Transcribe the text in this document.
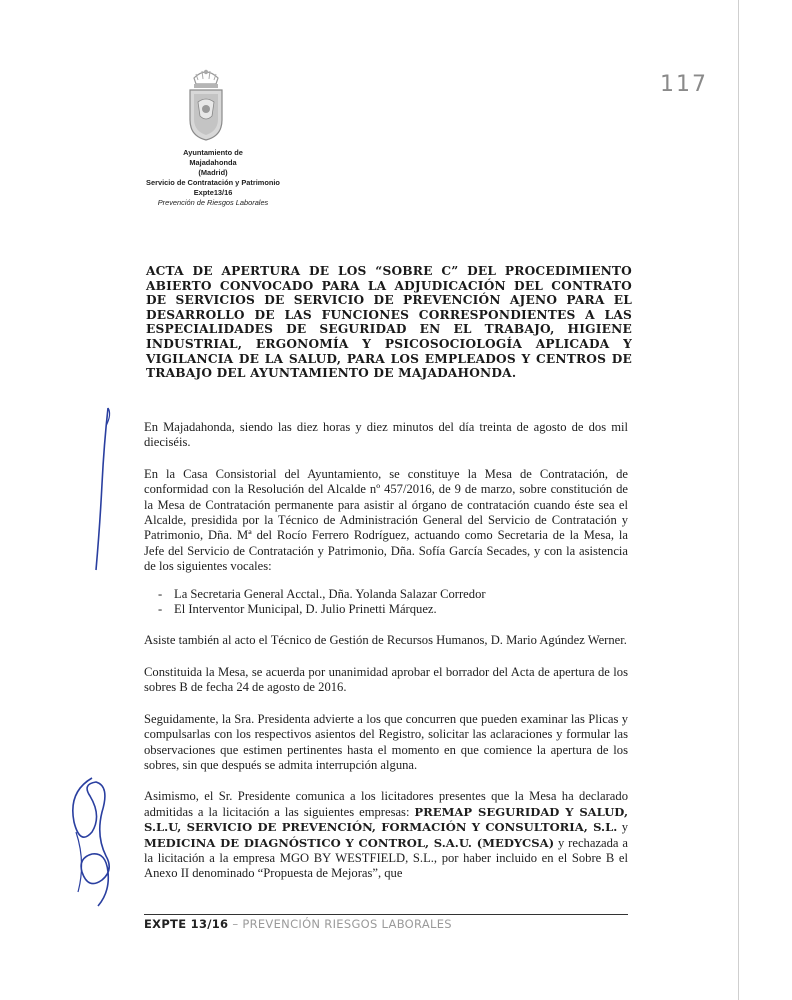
117
Ayuntamiento de
Majadahonda
(Madrid)
Servicio de Contratación y Patrimonio
Expte13/16
Prevención de Riesgos Laborales

ACTA DE APERTURA DE LOS “SOBRE C” DEL PROCEDIMIENTO ABIERTO CONVOCADO PARA LA ADJUDICACIÓN DEL CONTRATO DE SERVICIOS DE SERVICIO DE PREVENCIÓN AJENO PARA EL DESARROLLO DE LAS FUNCIONES CORRESPONDIENTES A LAS ESPECIALIDADES DE SEGURIDAD EN EL TRABAJO, HIGIENE INDUSTRIAL, ERGONOMÍA Y PSICOSOCIOLOGÍA APLICADA Y VIGILANCIA DE LA SALUD, PARA LOS EMPLEADOS Y CENTROS DE TRABAJO DEL AYUNTAMIENTO DE MAJADAHONDA.

En Majadahonda, siendo las diez horas y diez minutos del día treinta de agosto de dos mil dieciséis.

En la Casa Consistorial del Ayuntamiento, se constituye la Mesa de Contratación, de conformidad con la Resolución del Alcalde nº 457/2016, de 9 de marzo, sobre constitución de la Mesa de Contratación permanente para asistir al órgano de contratación cuando éste sea el Alcalde, presidida por la Técnico de Administración General del Servicio de Contratación y Patrimonio, Dña. Mª del Rocío Ferrero Rodríguez, actuando como Secretaria de la Mesa, la Jefe del Servicio de Contratación y Patrimonio, Dña. Sofía García Secades, y con la asistencia de los siguientes vocales:

- La Secretaria General Acctal., Dña. Yolanda Salazar Corredor
- El Interventor Municipal, D. Julio Prinetti Márquez.

Asiste también al acto el Técnico de Gestión de Recursos Humanos, D. Mario Agúndez Werner.

Constituida la Mesa, se acuerda por unanimidad aprobar el borrador del Acta de apertura de los sobres B de fecha 24 de agosto de 2016.

Seguidamente, la Sra. Presidenta advierte a los que concurren que pueden examinar las Plicas y compulsarlas con los respectivos asientos del Registro, solicitar las aclaraciones y formular las observaciones que estimen pertinentes hasta el momento en que comience la apertura de los sobres, sin que después se admita interrupción alguna.

Asimismo, el Sr. Presidente comunica a los licitadores presentes que la Mesa ha declarado admitidas a la licitación a las siguientes empresas: PREMAP SEGURIDAD Y SALUD, S.L.U, SERVICIO DE PREVENCIÓN, FORMACIÓN Y CONSULTORIA, S.L. y MEDICINA DE DIAGNÓSTICO Y CONTROL, S.A.U. (MEDYCSA) y rechazada a la licitación a la empresa MGO BY WESTFIELD, S.L., por haber incluido en el Sobre B el Anexo II denominado “Propuesta de Mejoras”, que

EXPTE 13/16 – PREVENCIÓN RIESGOS LABORALES
